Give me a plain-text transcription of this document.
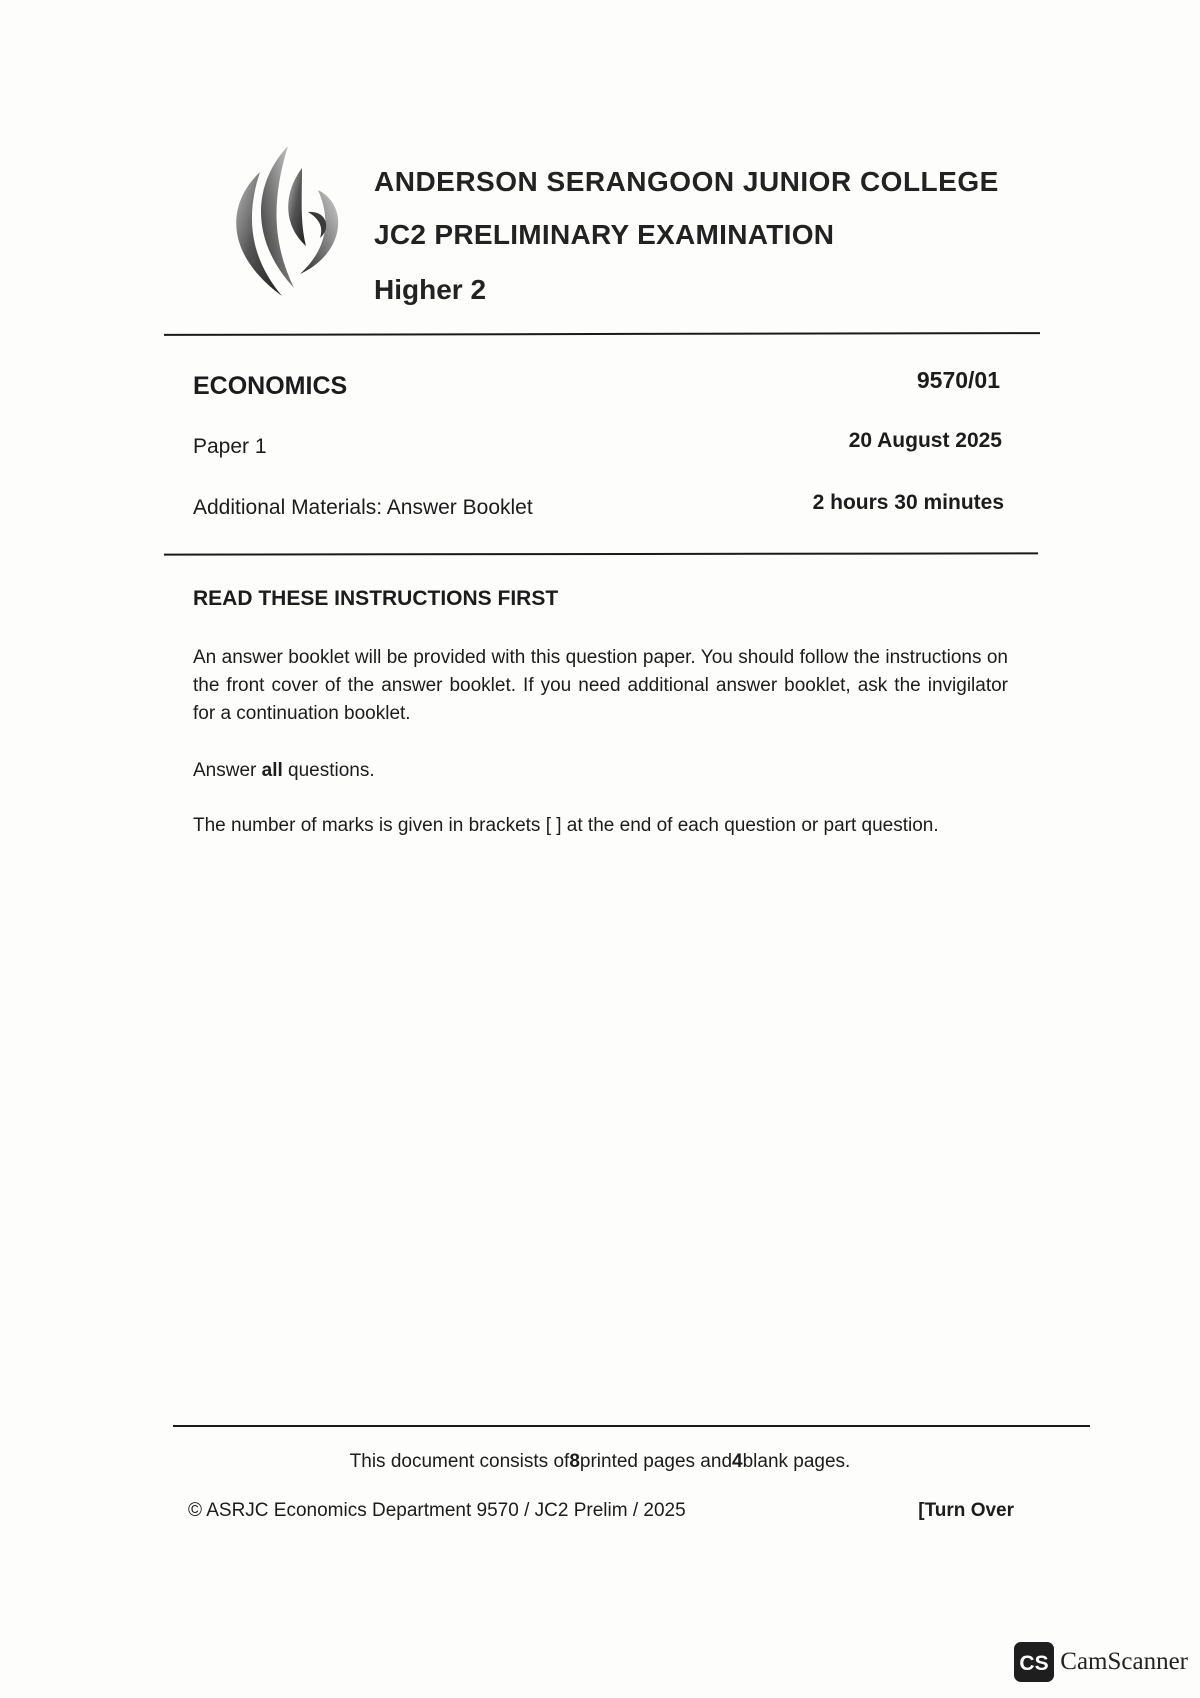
ANDERSON SERANGOON JUNIOR COLLEGE
JC2 PRELIMINARY EXAMINATION
Higher 2
ECONOMICS	9570/01
Paper 1	20 August 2025
Additional Materials: Answer Booklet	2 hours 30 minutes
READ THESE INSTRUCTIONS FIRST
An answer booklet will be provided with this question paper. You should follow the instructions on the front cover of the answer booklet. If you need additional answer booklet, ask the invigilator for a continuation booklet.
Answer all questions.
The number of marks is given in brackets [ ] at the end of each question or part question.
This document consists of8printed pages and4blank pages.
© ASRJC Economics Department 9570 / JC2 Prelim / 2025	[Turn Over
CS CamScanner
